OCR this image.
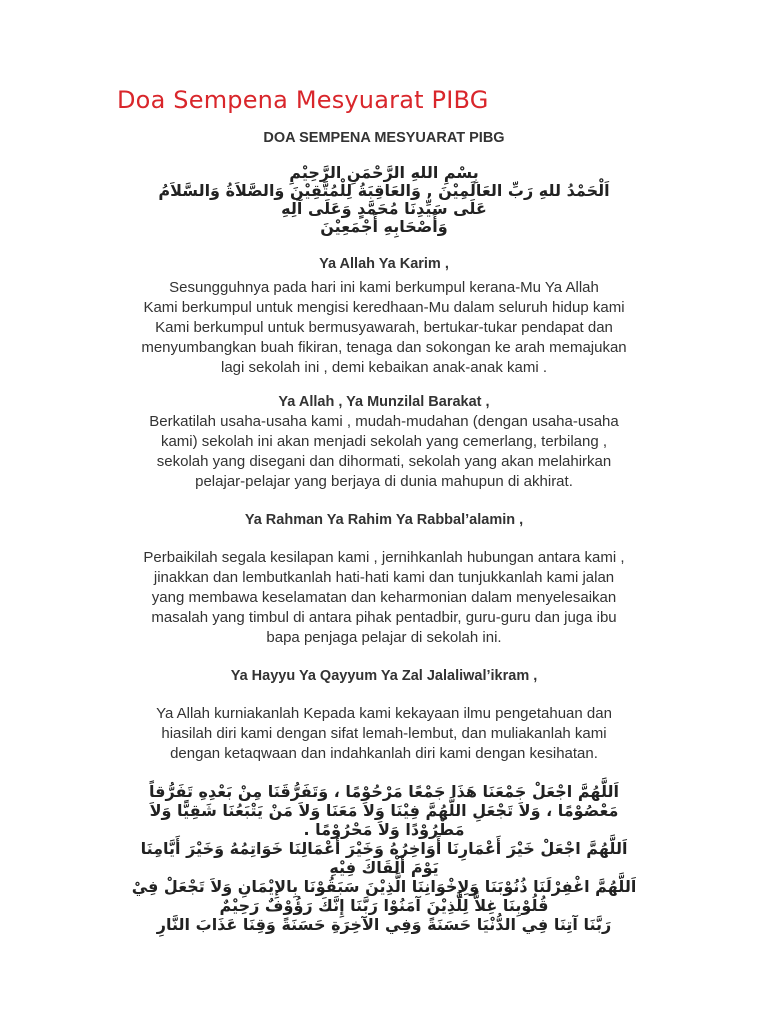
Doa Sempena Mesyuarat PIBG

DOA SEMPENA MESYUARAT PIBG

بِسْمِ اللهِ الرَّحْمَنِ الرَّحِيْمِ
اَلْحَمْدُ للهِ رَبِّ العَالَمِيْنَ , وَالعَاقِبَةُ لِلْمُتَّقِيْنَ وَالصَّلاَةُ وَالسَّلاَمُ
عَلَى سَيِّدِنَا مُحَمَّدٍ وَعَلَى آلِهِ
وَأَصْحَابِهِ أَجْمَعِيْنَ

Ya Allah Ya Karim ,

Sesungguhnya pada hari ini kami berkumpul kerana-Mu Ya Allah
Kami berkumpul untuk mengisi keredhaan-Mu dalam seluruh hidup kami
Kami berkumpul untuk bermusyawarah, bertukar-tukar pendapat dan
menyumbangkan buah fikiran, tenaga dan sokongan ke arah memajukan
lagi sekolah ini , demi kebaikan anak-anak kami .

Ya Allah , Ya Munzilal Barakat ,

Berkatilah usaha-usaha kami , mudah-mudahan (dengan usaha-usaha
kami) sekolah ini akan menjadi sekolah yang cemerlang, terbilang ,
sekolah yang disegani dan dihormati, sekolah yang akan melahirkan
pelajar-pelajar yang berjaya di dunia mahupun di akhirat.

Ya Rahman Ya Rahim Ya Rabbal’alamin ,

Perbaikilah segala kesilapan kami , jernihkanlah hubungan antara kami ,
jinakkan dan lembutkanlah hati-hati kami dan tunjukkanlah kami jalan
yang membawa keselamatan dan keharmonian dalam menyelesaikan
masalah yang timbul di antara pihak pentadbir, guru-guru dan juga ibu
bapa penjaga pelajar di sekolah ini.

Ya Hayyu Ya Qayyum Ya Zal Jalaliwal’ikram ,

Ya Allah kurniakanlah Kepada kami kekayaan ilmu pengetahuan dan
hiasilah diri kami dengan sifat lemah-lembut, dan muliakanlah kami
dengan ketaqwaan dan indahkanlah diri kami dengan kesihatan.

اَللَّهُمَّ اجْعَلْ جَمْعَنَا هَذَا جَمْعًا مَرْحُوْمًا ، وَتَفَرُّقَنَا مِنْ بَعْدِهِ تَفَرُّقاً
مَعْصُوْمًا ، وَلاَ تَجْعَلِ اللَّهُمَّ فِيْنَا وَلاَ مَعَنَا وَلاَ مَنْ يَتْبَعُنَا شَقِيًّا وَلاَ
مَطْرُوْدًا وَلاَ مَحْرُوْمًا .
اَللَّهُمَّ اجْعَلْ خَيْرَ أَعْمَارِنَا أَوَاخِرُهُ وَخَيْرَ أَعْمَالِنَا خَوَاتِمُهُ وَخَيْرَ أَيَّامِنَا
يَوْمَ أَلْقَاكَ فِيْهِ
اَللَّهُمَّ اغْفِرْلَنَا ذُنُوْبَنَا وَلِإِخْوَانِنَا الَّذِيْنَ سَبَقُوْنَا بِالإِيْمَانِ وَلاَ تَجْعَلْ فِيْ
قُلُوْبِنَا غِلاًّ لِلَّذِيْنَ آمَنُوْا رَبَّنَا إِنَّكَ رَؤُوْفٌ رَحِيْمٌ
رَبَّنَا آتِنَا فِي الدُّنْيَا حَسَنَةً وَفِي الآخِرَةِ حَسَنَةً وَقِنَا عَذَابَ النَّارِ
